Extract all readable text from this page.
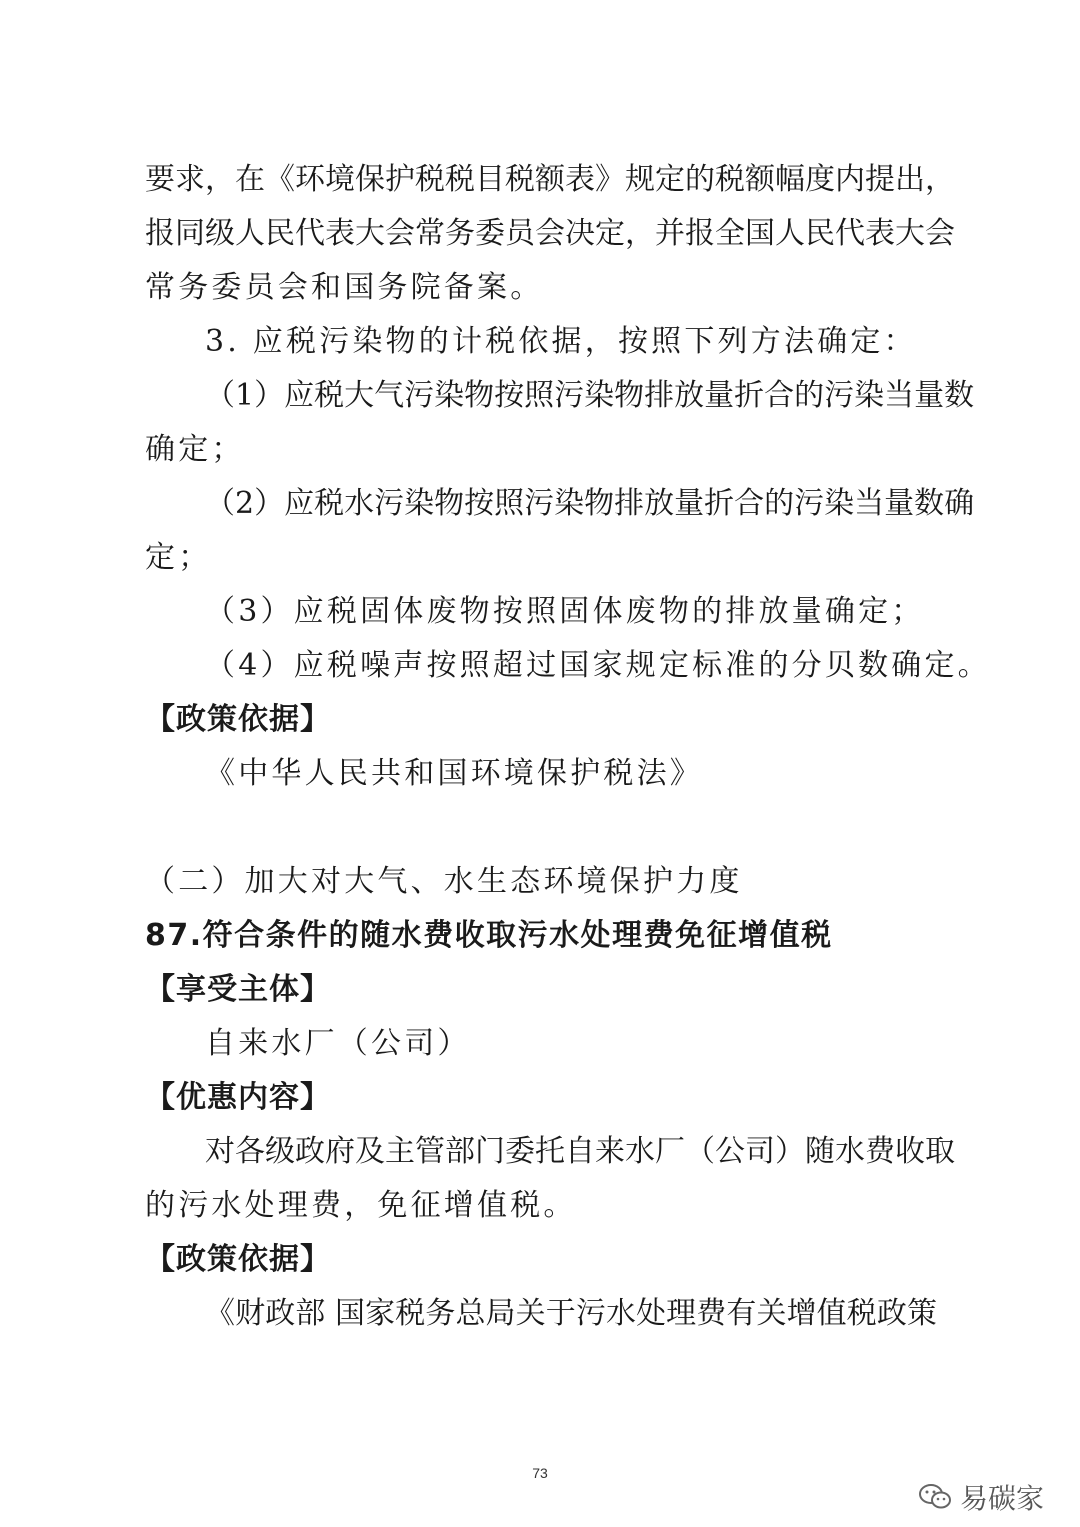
要求，在《环境保护税税目税额表》规定的税额幅度内提出，
报同级人民代表大会常务委员会决定，并报全国人民代表大会
常务委员会和国务院备案。
3. 应税污染物的计税依据，按照下列方法确定：
（1）应税大气污染物按照污染物排放量折合的污染当量数
确定；
（2）应税水污染物按照污染物排放量折合的污染当量数确
定；
（3）应税固体废物按照固体废物的排放量确定；
（4）应税噪声按照超过国家规定标准的分贝数确定。
【政策依据】
《中华人民共和国环境保护税法》
（二）加大对大气、水生态环境保护力度
87.符合条件的随水费收取污水处理费免征增值税
【享受主体】
自来水厂（公司）
【优惠内容】
对各级政府及主管部门委托自来水厂（公司）随水费收取
的污水处理费，免征增值税。
【政策依据】
《财政部 国家税务总局关于污水处理费有关增值税政策
73
易碳家
